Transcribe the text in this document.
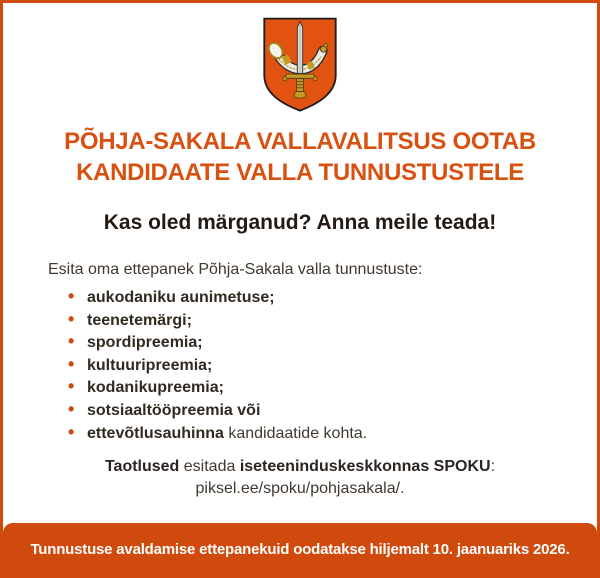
PÕHJA-SAKALA VALLAVALITSUS OOTAB
KANDIDAATE VALLA TUNNUSTUSTELE
Kas oled märganud? Anna meile teada!
Esita oma ettepanek Põhja-Sakala valla tunnustuste:
• aukodaniku aunimetuse;
• teenetemärgi;
• spordipreemia;
• kultuuripreemia;
• kodanikupreemia;
• sotsiaaltööpreemia või
• ettevõtlusauhinna kandidaatide kohta.
Taotlused esitada iseteeninduskeskkonnas SPOKU:
piksel.ee/spoku/pohjasakala/.
Tunnustuse avaldamise ettepanekuid oodatakse hiljemalt 10. jaanuariks 2026.
